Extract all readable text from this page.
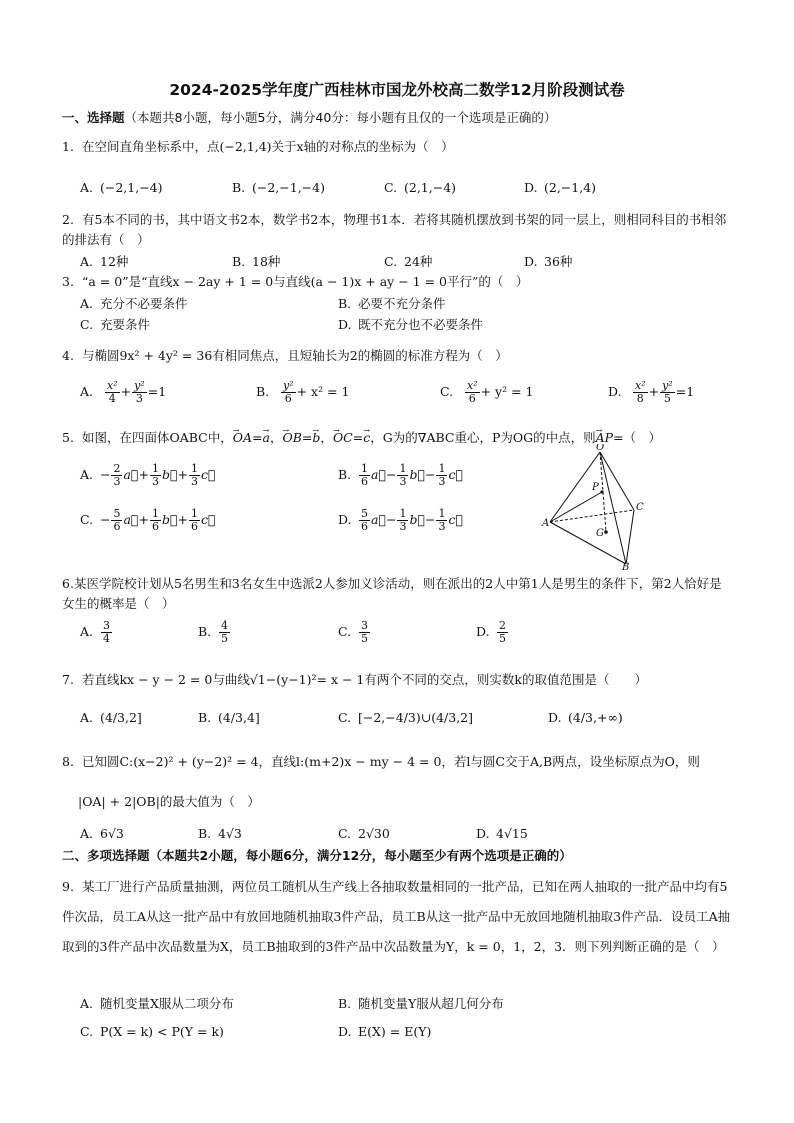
2024-2025学年度广西桂林市国龙外校高二数学12月阶段测试卷
一、选择题（本题共8小题，每小题5分，满分40分：每小题有且仅的一个选项是正确的）
1. 在空间直角坐标系中，点(−2,1,4)关于x轴的对称点的坐标为（　）
A. (−2,1,−4)	B. (−2,−1,−4)	C. (2,1,−4)	D. (2,−1,4)
2. 有5本不同的书，其中语文书2本，数学书2本，物理书1本．若将其随机摆放到书架的同一层上，则相同科目的书相邻的排法有（　）
A. 12种	B. 18种	C. 24种	D. 36种
3. “a = 0”是“直线x − 2ay + 1 = 0与直线(a − 1)x + ay − 1 = 0平行”的（　）
A. 充分不必要条件	B. 必要不充分条件
C. 充要条件	D. 既不充分也不必要条件
4. 与椭圆9x² + 4y² = 36有相同焦点，且短轴长为2的椭圆的标准方程为（　）
A. $\frac{\text{x²}}{4} + \frac{\text{y²}}{3} =1$	B. $\frac{\text{y²}}{6} + x^2 = 1$	C. $\frac{\text{x²}}{6} + y^2 = 1$	D. $\frac{\text{x²}}{8} + \frac{\text{y²}}{5} =1$
5. 如图，在四面体OABC中，→ OA=→ a，→ OB=→ b，→ OC=→ c，G为的∇ABC重心，P为OG的中点，则→ AP=（　）
A. − $\frac{2}{3}$ a⃗+ $\frac{1}{3}$ b⃗+ $\frac{1}{3}$ c⃗	B. $\frac{1}{6}$ a⃗− $\frac{1}{3}$ b⃗− $\frac{1}{3}$ c⃗
C. − $\frac{5}{6}$ a⃗+ $\frac{1}{6}$ b⃗+ $\frac{1}{6}$ c⃗	D. $\frac{5}{6}$ a⃗− $\frac{1}{3}$ b⃗− $\frac{1}{3}$ c⃗
O
A
B
C
P
G
6.某医学院校计划从5名男生和3名女生中选派2人参加义诊活动，则在派出的2人中第1人是男生的条件下，第2人恰好是女生的概率是（　）
A. $\frac{3}{4}$	B. $\frac{4}{5}$	C. $\frac{3}{5}$	D. $\frac{2}{5}$
7. 若直线kx − y − 2 = 0与曲线√1−(y−1)²= x − 1有两个不同的交点，则实数k的取值范围是（　　）
A. (4/3,2]	B. (4/3,4]	C. [−2,−4/3)∪(4/3,2]	D. (4/3,+∞)
8. 已知圆C:(x−2)² + (y−2)² = 4，直线l:(m+2)x − my − 4 = 0，若l与圆C交于A,B两点，设坐标原点为O，则
|OA| + 2|OB|的最大值为（　）
A. 6√3	B. 4√3	C. 2√30	D. 4√15
二、多项选择题（本题共2小题，每小题6分，满分12分，每小题至少有两个选项是正确的）
9. 某工厂进行产品质量抽测，两位员工随机从生产线上各抽取数量相同的一批产品，已知在两人抽取的一批产品中均有5件次品，员工A从这一批产品中有放回地随机抽取3件产品，员工B从这一批产品中无放回地随机抽取3件产品．设员工A抽取到的3件产品中次品数量为X，员工B抽取到的3件产品中次品数量为Y，k = 0，1，2，3．则下列判断正确的是（　）
A. 随机变量X服从二项分布	B. 随机变量Y服从超几何分布
C. P(X = k) < P(Y = k)	D. E(X) = E(Y)
